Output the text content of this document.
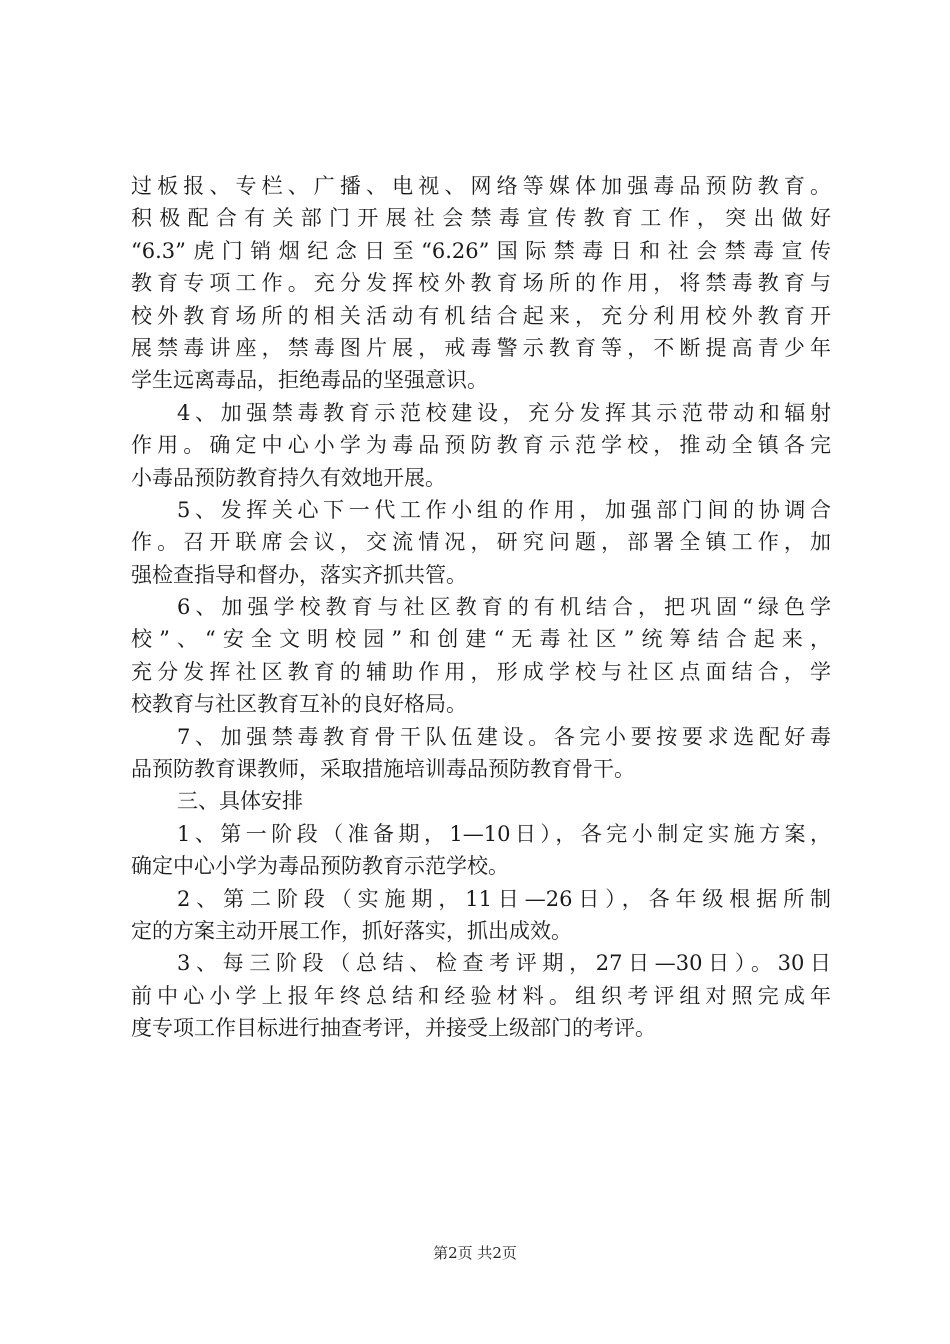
过板报、专栏、广播、电视、网络等媒体加强毒品预防教育。
积极配合有关部门开展社会禁毒宣传教育工作，突出做好
“6.3”虎门销烟纪念日至“6.26”国际禁毒日和社会禁毒宣传
教育专项工作。充分发挥校外教育场所的作用，将禁毒教育与
校外教育场所的相关活动有机结合起来，充分利用校外教育开
展禁毒讲座，禁毒图片展，戒毒警示教育等，不断提高青少年
学生远离毒品，拒绝毒品的坚强意识。
4、加强禁毒教育示范校建设，充分发挥其示范带动和辐射
作用。确定中心小学为毒品预防教育示范学校，推动全镇各完
小毒品预防教育持久有效地开展。
5、发挥关心下一代工作小组的作用，加强部门间的协调合
作。召开联席会议，交流情况，研究问题，部署全镇工作，加
强检查指导和督办，落实齐抓共管。
6、加强学校教育与社区教育的有机结合，把巩固“绿色学
校”、“安全文明校园”和创建“无毒社区”统筹结合起来，
充分发挥社区教育的辅助作用，形成学校与社区点面结合，学
校教育与社区教育互补的良好格局。
7、加强禁毒教育骨干队伍建设。各完小要按要求选配好毒
品预防教育课教师，采取措施培训毒品预防教育骨干。
三、具体安排
1、第一阶段（准备期，1—10日），各完小制定实施方案，
确定中心小学为毒品预防教育示范学校。
2、第二阶段（实施期，11日—26日），各年级根据所制
定的方案主动开展工作，抓好落实，抓出成效。
3、每三阶段（总结、检查考评期，27日—30日）。30日
前中心小学上报年终总结和经验材料。组织考评组对照完成年
度专项工作目标进行抽查考评，并接受上级部门的考评。
第2页 共2页
